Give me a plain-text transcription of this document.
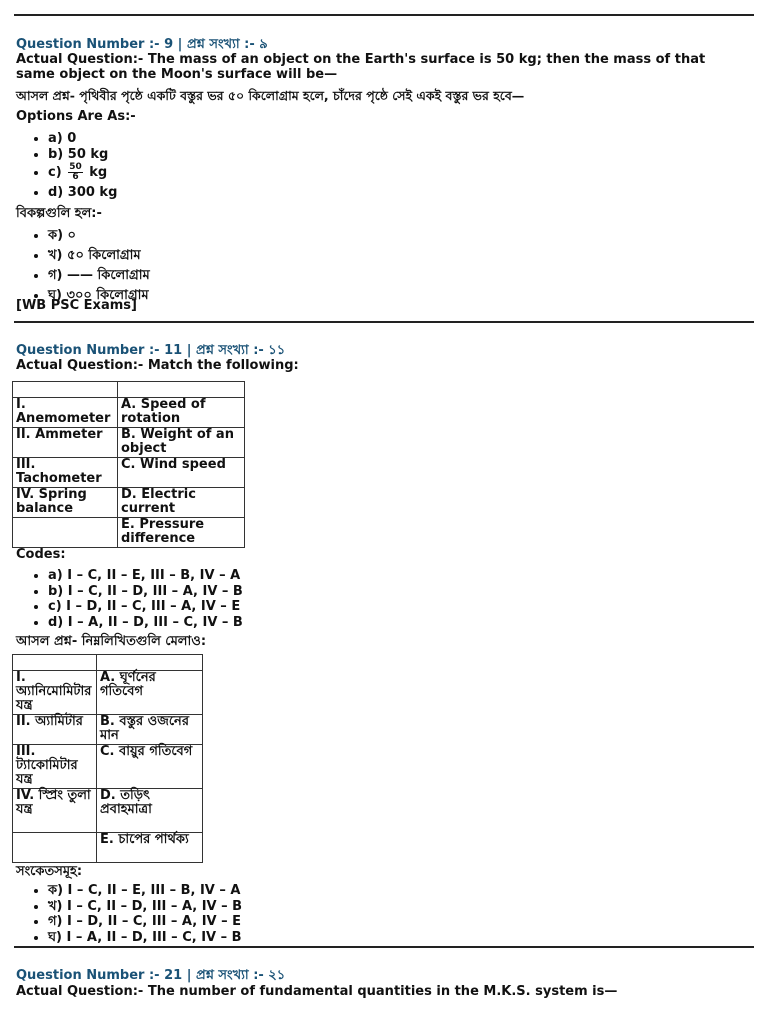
Question Number :- 9 | প্রশ্ন সংখ্যা :- ৯
Actual Question:- The mass of an object on the Earth's surface is 50 kg; then the mass of that same object on the Moon's surface will be—
আসল প্রশ্ন- পৃথিবীর পৃষ্ঠে একটি বস্তুর ভর ৫০ কিলোগ্রাম হলে, চাঁদের পৃষ্ঠে সেই একই বস্তুর ভর হবে—
Options Are As:-
• a) 0
• b) 50 kg
• $c) \frac{50}{6}$ kg
• d) 300 kg
বিকল্পগুলি হল:-
• ক) ০
• খ) ৫০ কিলোগ্রাম
• গ) —— কিলোগ্রাম
• ঘ) ৩০০ কিলোগ্রাম
[WB PSC Exams]
Question Number :- 11 | প্রশ্ন সংখ্যা :- ১১
Actual Question:- Match the following:

I. Anemometer	A. Speed of rotation
II. Ammeter	B. Weight of an object
III. Tachometer	C. Wind speed
IV. Spring balance	D. Electric current
	E. Pressure difference
Codes:
• a) I – C, II – E, III – B, IV – A
• b) I – C, II – D, III – A, IV – B
• c) I – D, II – C, III – A, IV – E
• d) I – A, II – D, III – C, IV – B
আসল প্রশ্ন- নিম্নলিখিতগুলি মেলাও:

I. অ্যানিমোমিটার যন্ত্র	A. ঘূর্ণনের গতিবেগ
II. অ্যামিটার	B. বস্তুর ওজনের মান
III. ট্যাকোমিটার যন্ত্র	C. বায়ুর গতিবেগ
IV. স্প্রিং তুলা যন্ত্র	D. তড়িৎ প্রবাহমাত্রা
	E. চাপের পার্থক্য
সংকেতসমূহ:
• ক) I – C, II – E, III – B, IV – A
• খ) I – C, II – D, III – A, IV – B
• গ) I – D, II – C, III – A, IV – E
• ঘ) I – A, II – D, III – C, IV – B
Question Number :- 21 | প্রশ্ন সংখ্যা :- ২১
Actual Question:- The number of fundamental quantities in the M.K.S. system is—
